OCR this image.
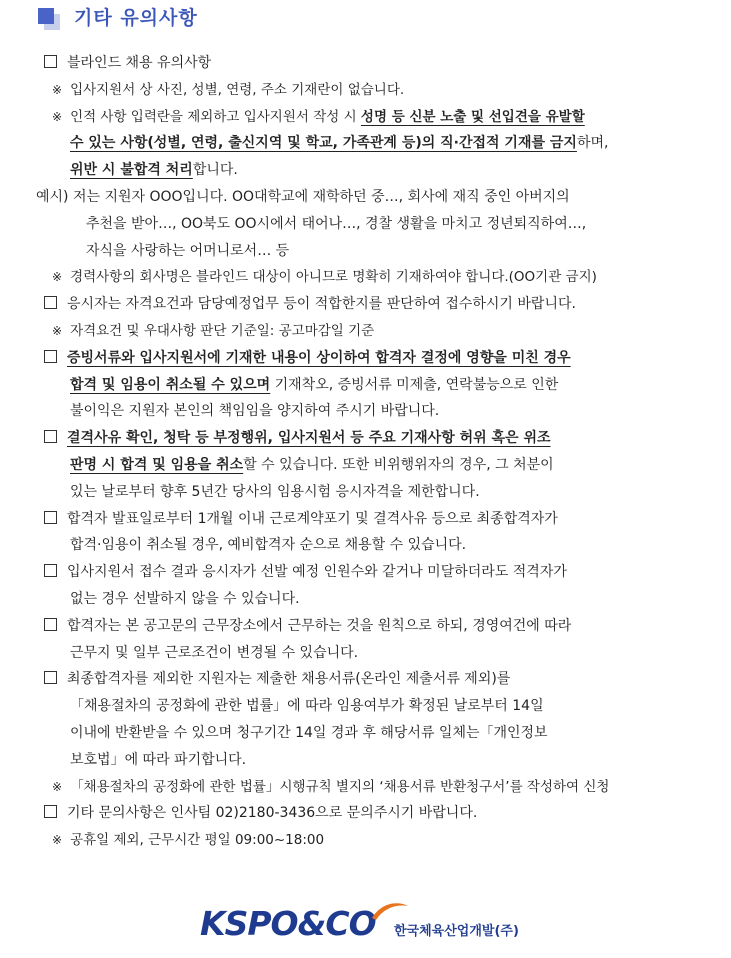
기타 유의사항
블라인드 채용 유의사항
※ 입사지원서 상 사진, 성별, 연령, 주소 기재란이 없습니다.
※ 인적 사항 입력란을 제외하고 입사지원서 작성 시 성명 등 신분 노출 및 선입견을 유발할
수 있는 사항(성별, 연령, 출신지역 및 학교, 가족관계 등)의 직·간접적 기재를 금지하며,
위반 시 불합격 처리합니다.
예시) 저는 지원자 OOO입니다. OO대학교에 재학하던 중…, 회사에 재직 중인 아버지의
추천을 받아…, OO북도 OO시에서 태어나…, 경찰 생활을 마치고 정년퇴직하여…,
자식을 사랑하는 어머니로서… 등
※ 경력사항의 회사명은 블라인드 대상이 아니므로 명확히 기재하여야 합니다.(OO기관 금지)
응시자는 자격요건과 담당예정업무 등이 적합한지를 판단하여 접수하시기 바랍니다.
※ 자격요건 및 우대사항 판단 기준일: 공고마감일 기준
증빙서류와 입사지원서에 기재한 내용이 상이하여 합격자 결정에 영향을 미친 경우
합격 및 임용이 취소될 수 있으며 기재착오, 증빙서류 미제출, 연락불능으로 인한
불이익은 지원자 본인의 책임임을 양지하여 주시기 바랍니다.
결격사유 확인, 청탁 등 부정행위, 입사지원서 등 주요 기재사항 허위 혹은 위조
판명 시 합격 및 임용을 취소할 수 있습니다. 또한 비위행위자의 경우, 그 처분이
있는 날로부터 향후 5년간 당사의 임용시험 응시자격을 제한합니다.
합격자 발표일로부터 1개월 이내 근로계약포기 및 결격사유 등으로 최종합격자가
합격·임용이 취소될 경우, 예비합격자 순으로 채용할 수 있습니다.
입사지원서 접수 결과 응시자가 선발 예정 인원수와 같거나 미달하더라도 적격자가
없는 경우 선발하지 않을 수 있습니다.
합격자는 본 공고문의 근무장소에서 근무하는 것을 원칙으로 하되, 경영여건에 따라
근무지 및 일부 근로조건이 변경될 수 있습니다.
최종합격자를 제외한 지원자는 제출한 채용서류(온라인 제출서류 제외)를
「채용절차의 공정화에 관한 법률」에 따라 임용여부가 확정된 날로부터 14일
이내에 반환받을 수 있으며 청구기간 14일 경과 후 해당서류 일체는「개인정보
보호법」에 따라 파기합니다.
※ 「채용절차의 공정화에 관한 법률」시행규칙 별지의 ‘채용서류 반환청구서’를 작성하여 신청
기타 문의사항은 인사팀 02)2180-3436으로 문의주시기 바랍니다.
※ 공휴일 제외, 근무시간 평일 09:00~18:00
KSPO&CO 한국체육산업개발(주)
